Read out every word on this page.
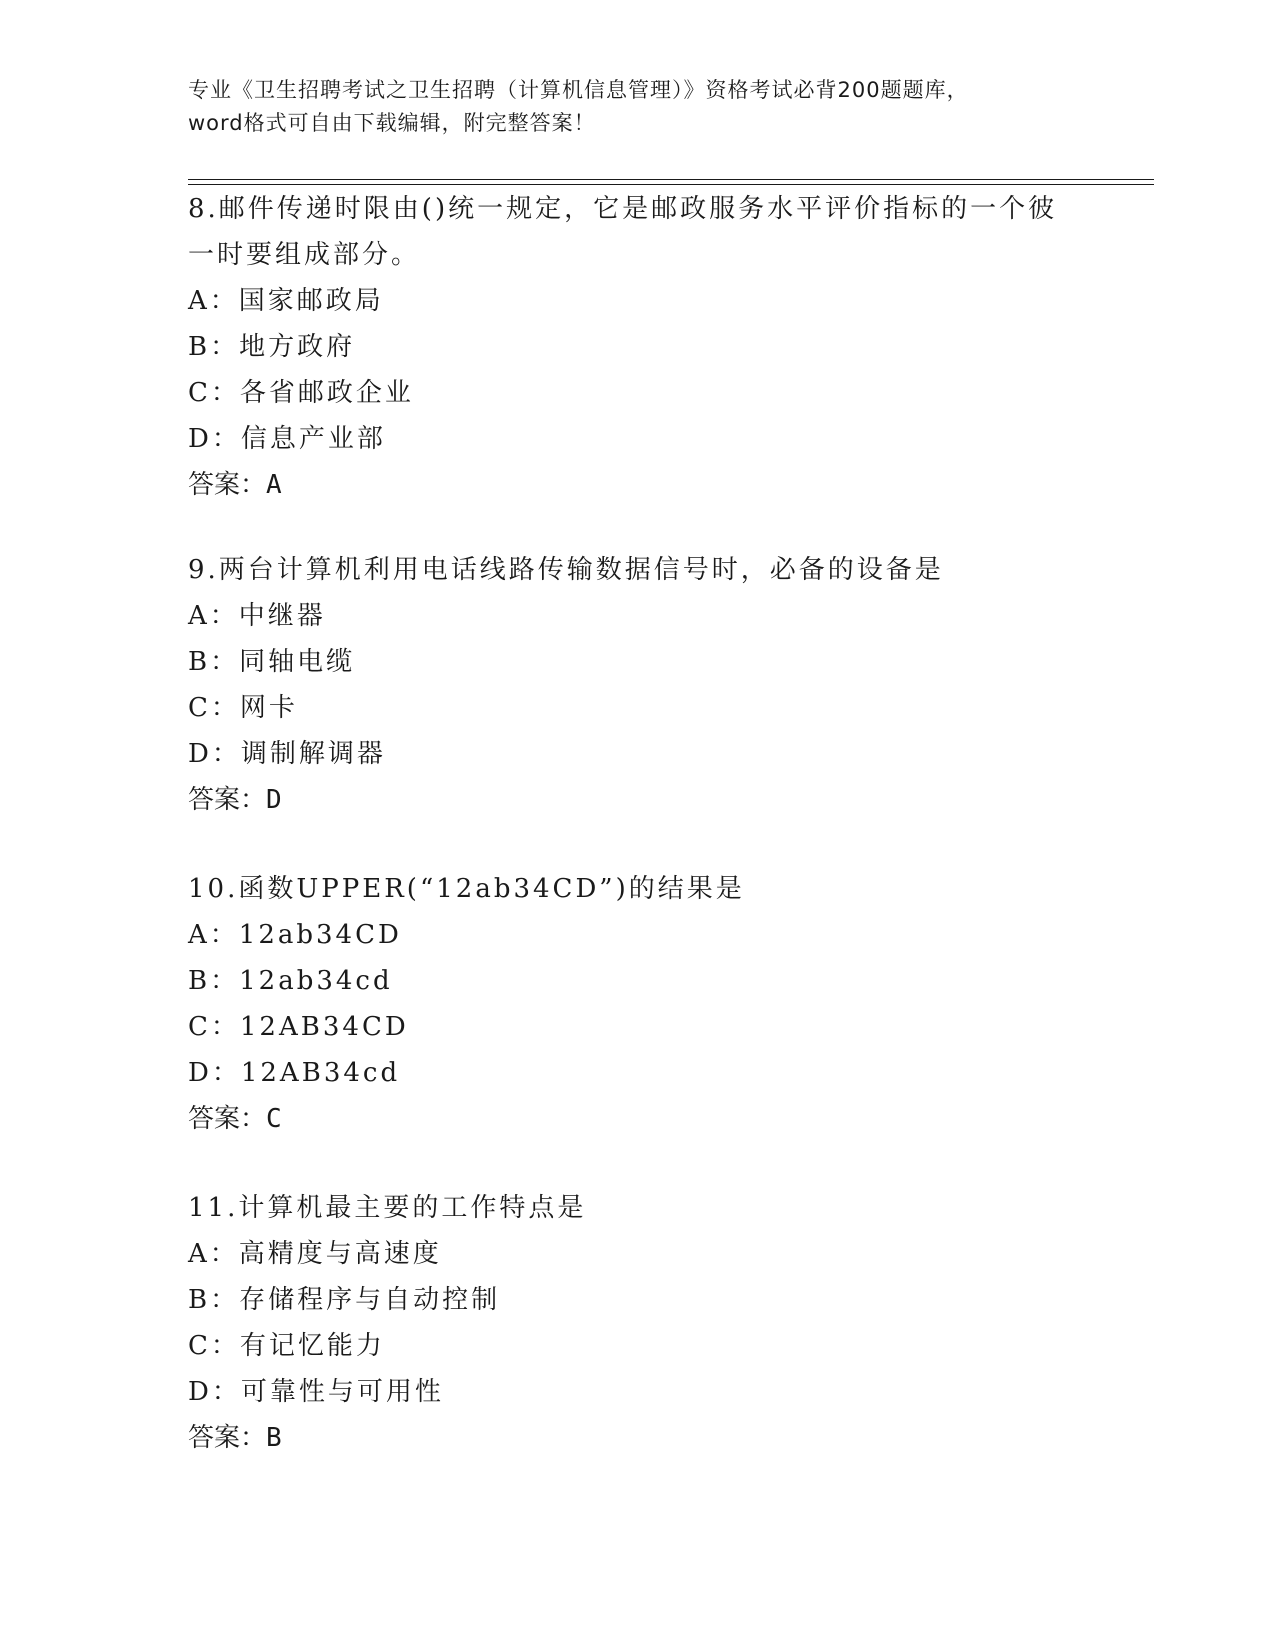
专业《卫生招聘考试之卫生招聘（计算机信息管理）》资格考试必背200题题库，
word格式可自由下载编辑，附完整答案！
8.邮件传递时限由()统一规定，它是邮政服务水平评价指标的一个彼
一时要组成部分。
A：国家邮政局
B：地方政府
C：各省邮政企业
D：信息产业部
答案：A
9.两台计算机利用电话线路传输数据信号时，必备的设备是
A：中继器
B：同轴电缆
C：网卡
D：调制解调器
答案：D
10.函数UPPER(“12ab34CD”)的结果是
A：12ab34CD
B：12ab34cd
C：12AB34CD
D：12AB34cd
答案：C
11.计算机最主要的工作特点是
A：高精度与高速度
B：存储程序与自动控制
C：有记忆能力
D：可靠性与可用性
答案：B
